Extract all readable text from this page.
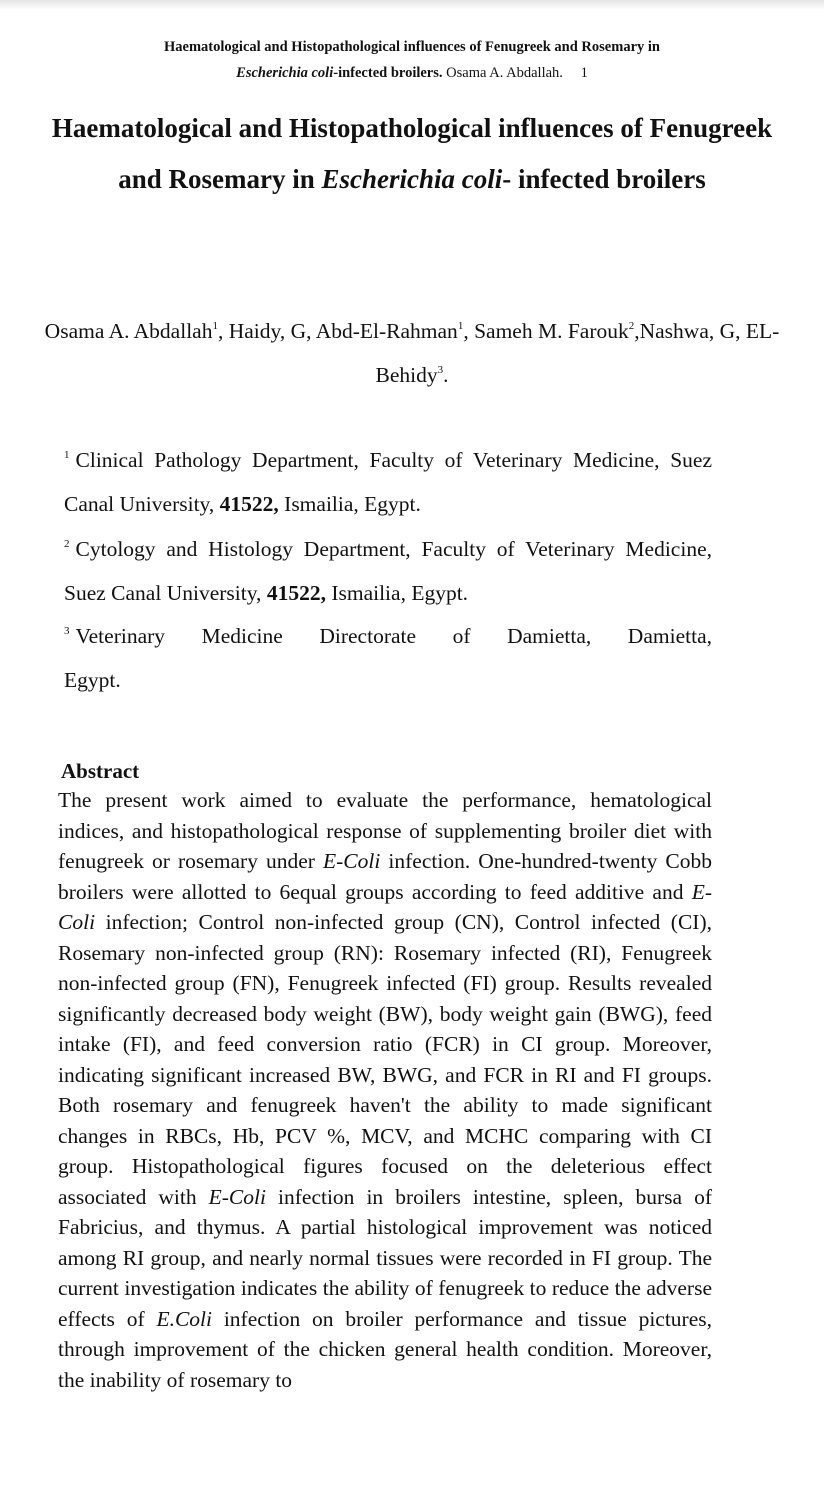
Haematological and Histopathological influences of Fenugreek and Rosemary in
Escherichia coli-infected broilers. Osama A. Abdallah. 1
Haematological and Histopathological influences of Fenugreek and Rosemary in Escherichia coli- infected broilers
Osama A. Abdallah$^1$, Haidy, G, Abd-El-Rahman$^1$, Sameh M. Farouk$^2$,Nashwa, G, EL-Behidy$^3$.
$^1$ Clinical Pathology Department, Faculty of Veterinary Medicine, Suez Canal University, 41522, Ismailia, Egypt.
$^2$ Cytology and Histology Department, Faculty of Veterinary Medicine, Suez Canal University, 41522, Ismailia, Egypt.
$^3$ Veterinary Medicine Directorate of Damietta, Damietta,
Egypt.
Abstract

The present work aimed to evaluate the performance, hematological indices, and histopathological response of supplementing broiler diet with fenugreek or rosemary under E-Coli infection. One-hundred-twenty Cobb broilers were allotted to 6equal groups according to feed additive and E-Coli infection; Control non-infected group (CN), Control infected (CI), Rosemary non-infected group (RN): Rosemary infected (RI), Fenugreek non-infected group (FN), Fenugreek infected (FI) group. Results revealed significantly decreased body weight (BW), body weight gain (BWG), feed intake (FI), and feed conversion ratio (FCR) in CI group. Moreover, indicating significant increased BW, BWG, and FCR in RI and FI groups. Both rosemary and fenugreek haven't the ability to made significant changes in RBCs, Hb, PCV %, MCV, and MCHC comparing with CI group. Histopathological figures focused on the deleterious effect associated with E-Coli infection in broilers intestine, spleen, bursa of Fabricius, and thymus. A partial histological improvement was noticed among RI group, and nearly normal tissues were recorded in FI group. The current investigation indicates the ability of fenugreek to reduce the adverse effects of E.Coli infection on broiler performance and tissue pictures, through improvement of the chicken general health condition. Moreover, the inability of rosemary to
